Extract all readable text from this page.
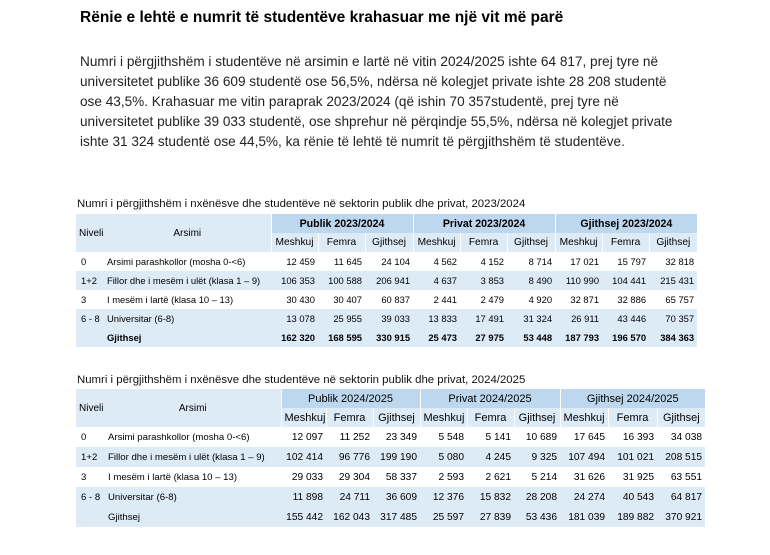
Rënie e lehtë e numrit të studentëve krahasuar me një vit më parë
Numri i përgjithshëm i studentëve në arsimin e lartë në vitin 2024/2025 ishte 64 817, prej tyre në universitetet publike 36 609 studentë ose 56,5%, ndërsa në kolegjet private ishte 28 208 studentë ose 43,5%. Krahasuar me vitin paraprak 2023/2024 (që ishin 70 357studentë, prej tyre në universitetet publike 39 033 studentë, ose shprehur në përqindje 55,5%, ndërsa në kolegjet private ishte 31 324 studentë ose 44,5%, ka rënie të lehtë të numrit të përgjithshëm të studentëve.
Numri i përgjithshëm i nxënësve dhe studentëve në sektorin publik dhe privat, 2023/2024
Niveli	Arsimi	Publik 2023/2024			Privat 2023/2024			Gjithsej 2023/2024		
		Meshkuj	Femra	Gjithsej	Meshkuj	Femra	Gjithsej	Meshkuj	Femra	Gjithsej
0	Arsimi parashkollor (mosha 0-<6)	12 459	11 645	24 104	4 562	4 152	8 714	17 021	15 797	32 818
1+2	Fillor dhe i mesëm i ulët (klasa 1 – 9)	106 353	100 588	206 941	4 637	3 853	8 490	110 990	104 441	215 431
3	I mesëm i lartë (klasa 10 – 13)	30 430	30 407	60 837	2 441	2 479	4 920	32 871	32 886	65 757
6 - 8	Universitar (6-8)	13 078	25 955	39 033	13 833	17 491	31 324	26 911	43 446	70 357
	Gjithsej	162 320	168 595	330 915	25 473	27 975	53 448	187 793	196 570	384 363
Numri i përgjithshëm i nxënësve dhe studentëve në sektorin publik dhe privat, 2024/2025
Niveli	Arsimi	Publik 2024/2025			Privat 2024/2025			Gjithsej 2024/2025		
		Meshkuj	Femra	Gjithsej	Meshkuj	Femra	Gjithsej	Meshkuj	Femra	Gjithsej
0	Arsimi parashkollor (mosha 0-<6)	12 097	11 252	23 349	5 548	5 141	10 689	17 645	16 393	34 038
1+2	Fillor dhe i mesëm i ulët (klasa 1 – 9)	102 414	96 776	199 190	5 080	4 245	9 325	107 494	101 021	208 515
3	I mesëm i lartë (klasa 10 – 13)	29 033	29 304	58 337	2 593	2 621	5 214	31 626	31 925	63 551
6 - 8	Universitar (6-8)	11 898	24 711	36 609	12 376	15 832	28 208	24 274	40 543	64 817
	Gjithsej	155 442	162 043	317 485	25 597	27 839	53 436	181 039	189 882	370 921
